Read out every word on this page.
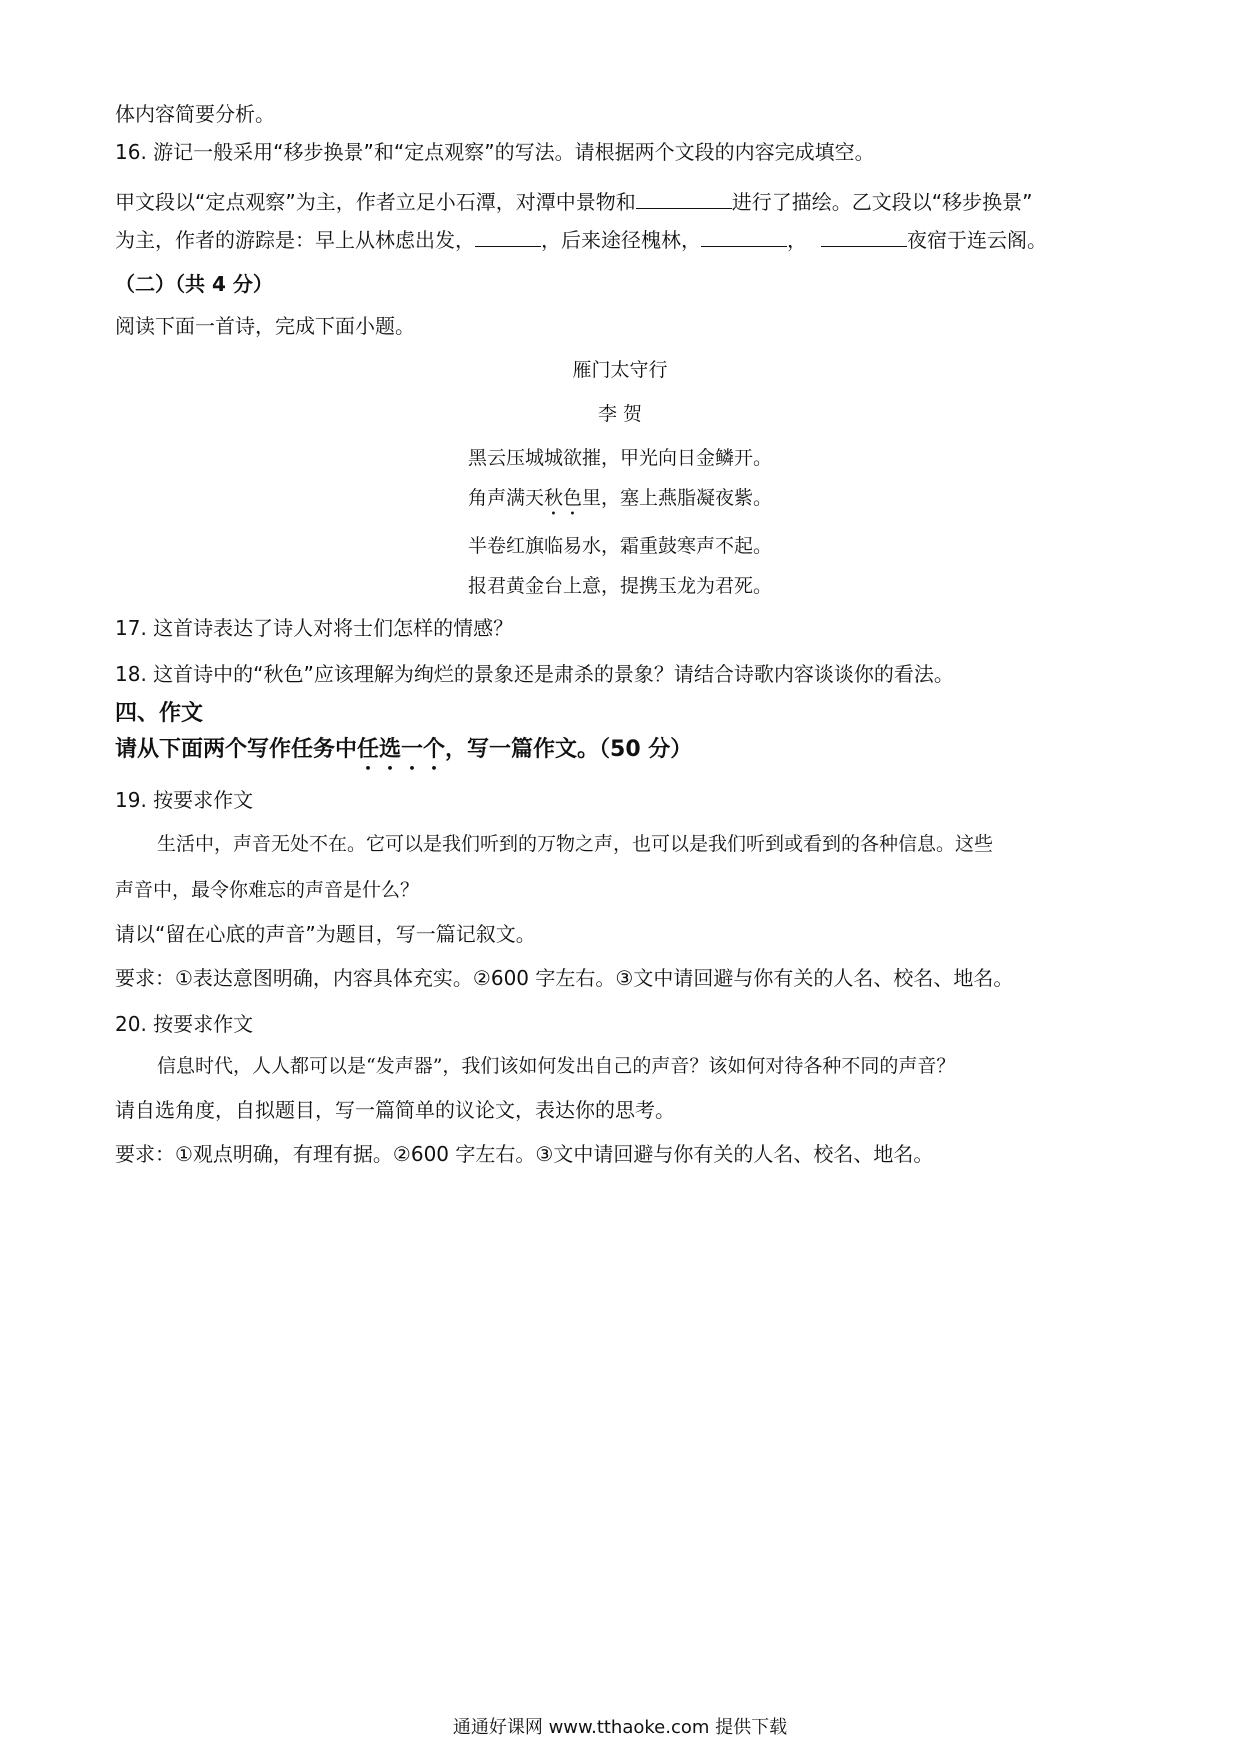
体内容简要分析。
16. 游记一般采用“移步换景”和“定点观察”的写法。请根据两个文段的内容完成填空。
甲文段以“定点观察”为主，作者立足小石潭，对潭中景物和	进行了描绘。乙文段以“移步换景”
为主，作者的游踪是：早上从林虑出发，	，后来途径槐林，	，	夜宿于连云阁。
（二）（共 4 分）
阅读下面一首诗，完成下面小题。
雁门太守行
李 贺
黑云压城城欲摧，甲光向日金鳞开。
角声满天秋色里，塞上燕脂凝夜紫。
半卷红旗临易水，霜重鼓寒声不起。
报君黄金台上意，提携玉龙为君死。
17. 这首诗表达了诗人对将士们怎样的情感？
18. 这首诗中的“秋色”应该理解为绚烂的景象还是肃杀的景象？请结合诗歌内容谈谈你的看法。
四、作文
请从下面两个写作任务中任选一个，写一篇作文。（50 分）
19. 按要求作文
生活中，声音无处不在。它可以是我们听到的万物之声，也可以是我们听到或看到的各种信息。这些
声音中，最令你难忘的声音是什么？
请以“留在心底的声音”为题目，写一篇记叙文。
要求：①表达意图明确，内容具体充实。②600 字左右。③文中请回避与你有关的人名、校名、地名。
20. 按要求作文
信息时代，人人都可以是“发声器”，我们该如何发出自己的声音？该如何对待各种不同的声音？
请自选角度，自拟题目，写一篇简单的议论文，表达你的思考。
要求：①观点明确，有理有据。②600 字左右。③文中请回避与你有关的人名、校名、地名。
通通好课网 www.tthaoke.com 提供下载
